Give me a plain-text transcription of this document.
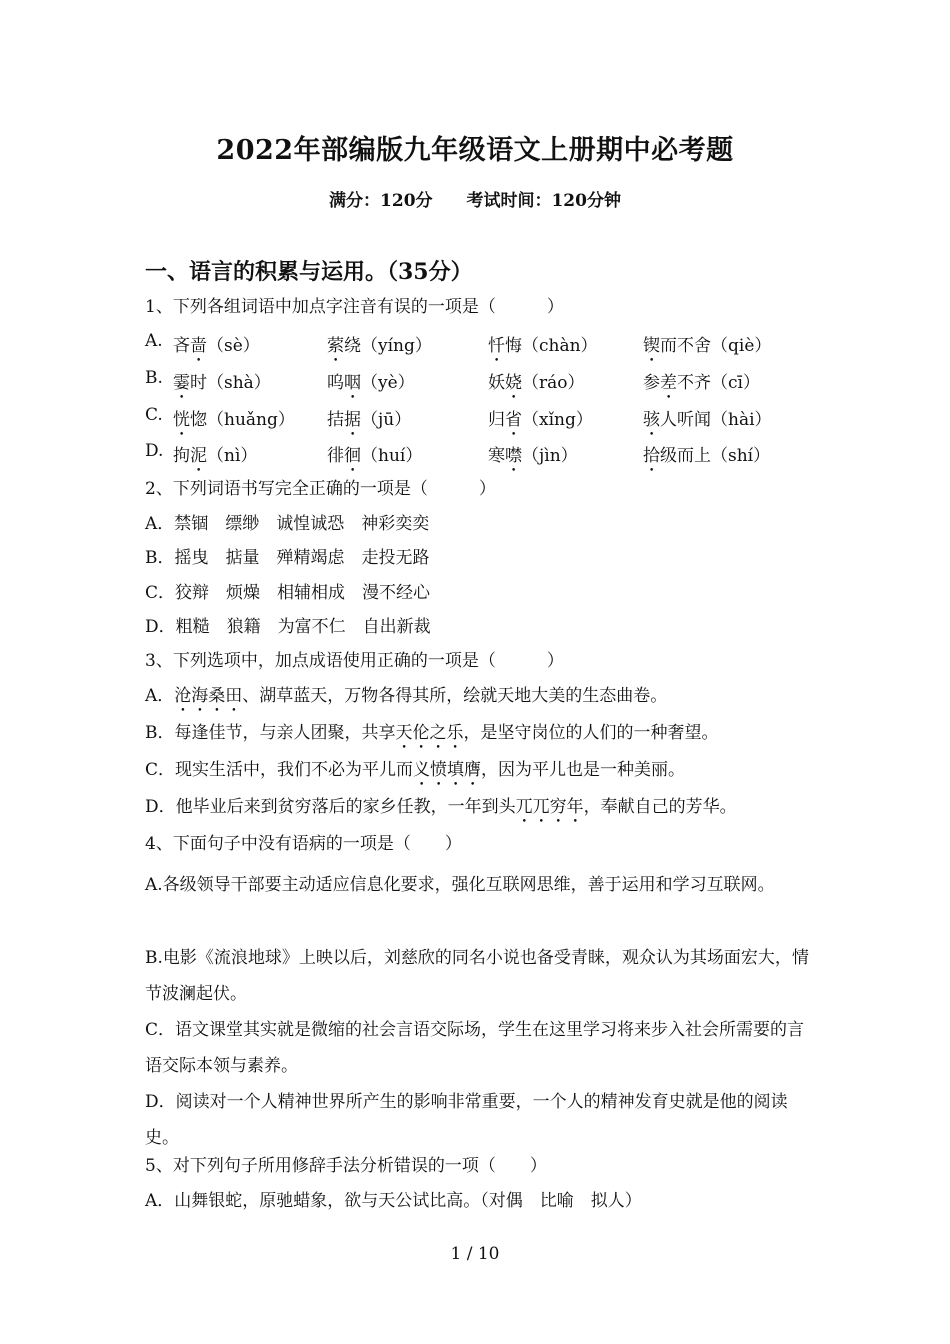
2022年部编版九年级语文上册期中必考题
满分：120分 考试时间：120分钟
一、语言的积累与运用。（35分）
1、下列各组词语中加点字注音有误的一项是（　　　）
A. 吝啬（sè）	萦绕（yíng）	忏悔（chàn）	锲而不舍（qiè）
B. 霎时（shà）	呜咽（yè）	妖娆（ráo）	参差不齐（cī）
C. 恍惚（huǎng） 拮据（jū）	归省（xǐng）	骇人听闻（hài）
D. 拘泥（nì）	徘徊（huí）	寒噤（jìn）	拾级而上（shí）
2、下列词语书写完全正确的一项是（　　　）
A．禁锢　缥缈　诚惶诚恐　神彩奕奕
B．摇曳　掂量　殚精竭虑　走投无路
C．狡辩　烦燥　相辅相成　漫不经心
D．粗糙　狼籍　为富不仁　自出新裁
3、下列选项中，加点成语使用正确的一项是（　　　）
A．沧海桑田、湖草蓝天，万物各得其所，绘就天地大美的生态曲卷。
B．每逢佳节，与亲人团聚，共享天伦之乐，是坚守岗位的人们的一种奢望。
C．现实生活中，我们不必为平儿而义愤填膺，因为平儿也是一种美丽。
D．他毕业后来到贫穷落后的家乡任教，一年到头兀兀穷年，奉献自己的芳华。
4、下面句子中没有语病的一项是（　　）
A.各级领导干部要主动适应信息化要求，强化互联网思维，善于运用和学习互联网。
B.电影《流浪地球》上映以后，刘慈欣的同名小说也备受青睐，观众认为其场面宏大，情节波澜起伏。
C．语文课堂其实就是微缩的社会言语交际场，学生在这里学习将来步入社会所需要的言语交际本领与素养。
D．阅读对一个人精神世界所产生的影响非常重要，一个人的精神发育史就是他的阅读史。
5、对下列句子所用修辞手法分析错误的一项（　　）
A．山舞银蛇，原驰蜡象，欲与天公试比高。（对偶　比喻　拟人）
1 / 10
